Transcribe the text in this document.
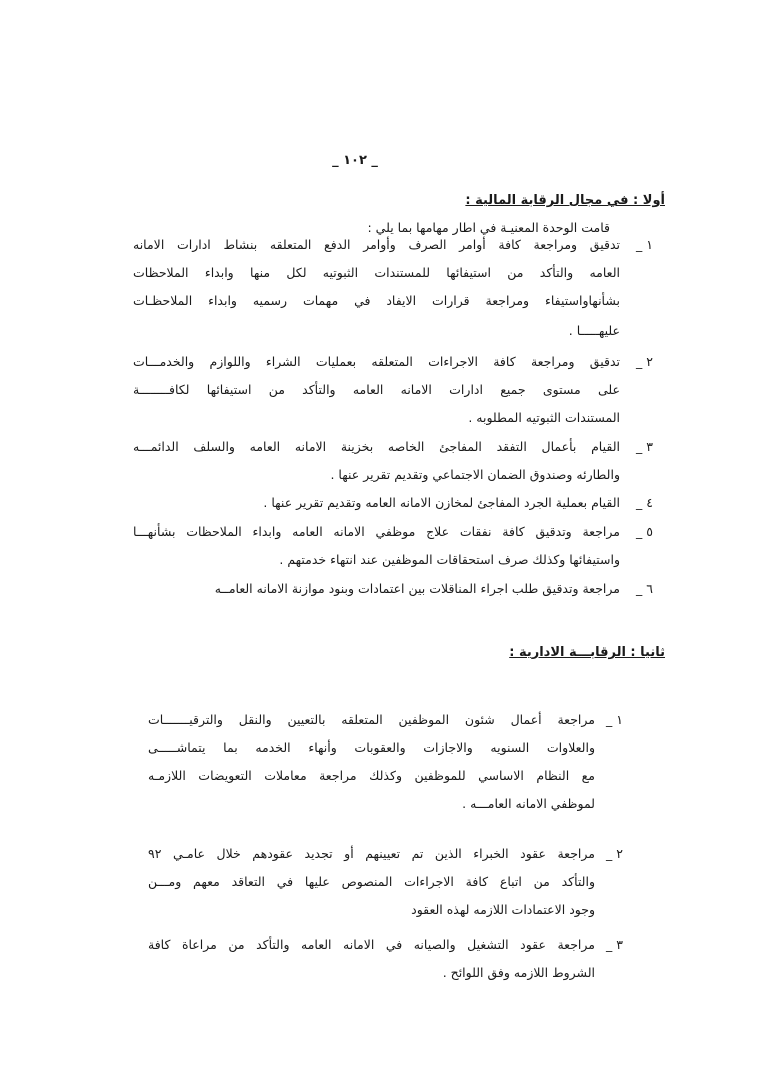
_ ١٠٢ _
أولا : في مجال الرقابة المالية :
قامت الوحدة المعنيـة في اطار مهامها بما يلي :
ثانيا : الرقابـــة الادارية :
١ _
تدقيق ومراجعة كافة أوامر الصرف وأوامر الدفع المتعلقه بنشاط ادارات الامانه
العامه والتأكد من استيفائها للمستندات الثبوتيه لكل منها وابداء الملاحظات
بشأنهاواستيفاء ومراجعة قرارات الايفاد في مهمات رسميه وابداء الملاحظـات
عليهـــــا .
٢ _
تدقيق ومراجعة كافة الاجراءات المتعلقه بعمليات الشراء واللوازم والخدمـــات
على مستوى جميع ادارات الامانه العامه والتأكد من استيفائها لكافــــــــة
المستندات الثبوتيه المطلوبه .
٣ _
القيام بأعمال التفقد المفاجئ الخاصه بخزينة الامانه العامه والسلف الدائمـــه
والطارئه وصندوق الضمان الاجتماعي وتقديم تقرير عنها .
٤ _
القيام بعملية الجرد المفاجئ لمخازن الامانه العامه وتقديم تقرير عنها .
٥ _
مراجعة وتدقيق كافة نفقات علاج موظفي الامانه العامه وابداء الملاحظات بشأنهـــا
واستيفائها وكذلك صرف استحقاقات الموظفين عند انتهاء خدمتهم .
٦ _
مراجعة وتدقيق طلب اجراء المناقلات بين اعتمادات وبنود موازنة الامانه العامــه
١ _
مراجعة أعمال شئون الموظفين المتعلقه بالتعيين والنقل والترقيـــــــات
والعلاوات السنويه والاجازات والعقوبات وأنهاء الخدمه بما يتماشـــــى
مع النظام الاساسي للموظفين وكذلك مراجعة معاملات التعويضات اللازمـه
لموظفي الامانه العامـــه .
٢ _
مراجعة عقود الخبراء الذين تم تعيينهم أو تجديد عقودهم خلال عامـي ٩٢
والتأكد من اتباع كافة الاجراءات المنصوص عليها في التعاقد معهم ومـــن
وجود الاعتمادات اللازمه لهذه العقود
٣ _
مراجعة عقود التشغيل والصيانه في الامانه العامه والتأكد من مراعاة كافة
الشروط اللازمه وفق اللوائح .
